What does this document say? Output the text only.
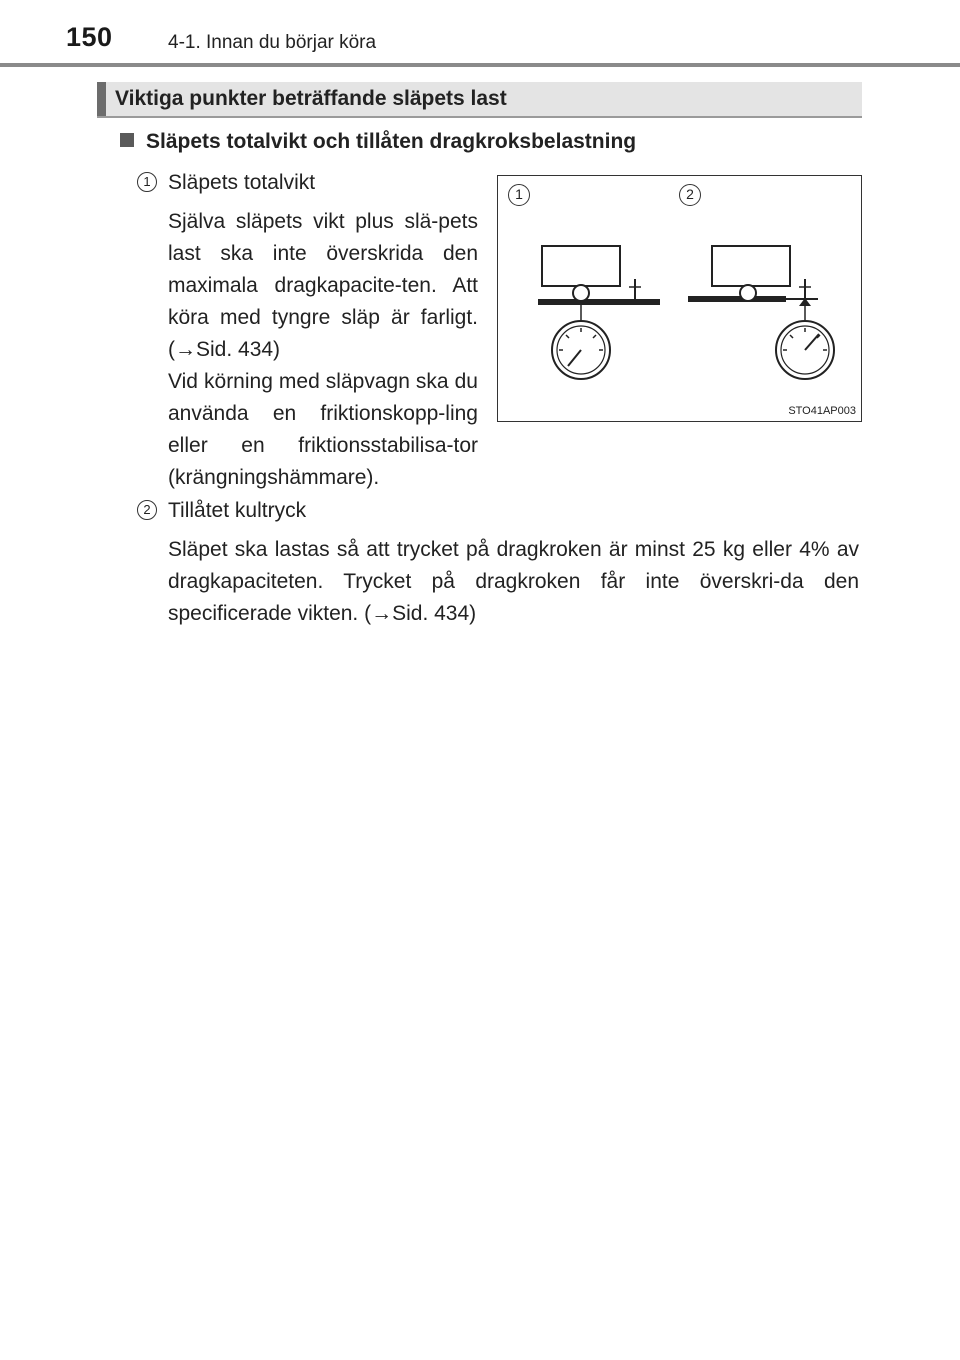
150	4-1. Innan du börjar köra
Viktiga punkter beträffande släpets last
Släpets totalvikt och tillåten dragkroksbelastning
1 Släpets totalvikt

Själva släpets vikt plus slä-pets last ska inte överskrida den maximala dragkapacite-ten. Att köra med tyngre släp är farligt. (→Sid. 434)

Vid körning med släpvagn ska du använda en friktionskopp-ling eller en friktionsstabilisa-tor (krängningshämmare).

2 Tillåtet kultryck

Släpet ska lastas så att trycket på dragkroken är minst 25 kg eller 4% av dragkapaciteten. Trycket på dragkroken får inte överskri-da den specificerade vikten. (→Sid. 434)

1	2
STO41AP003
